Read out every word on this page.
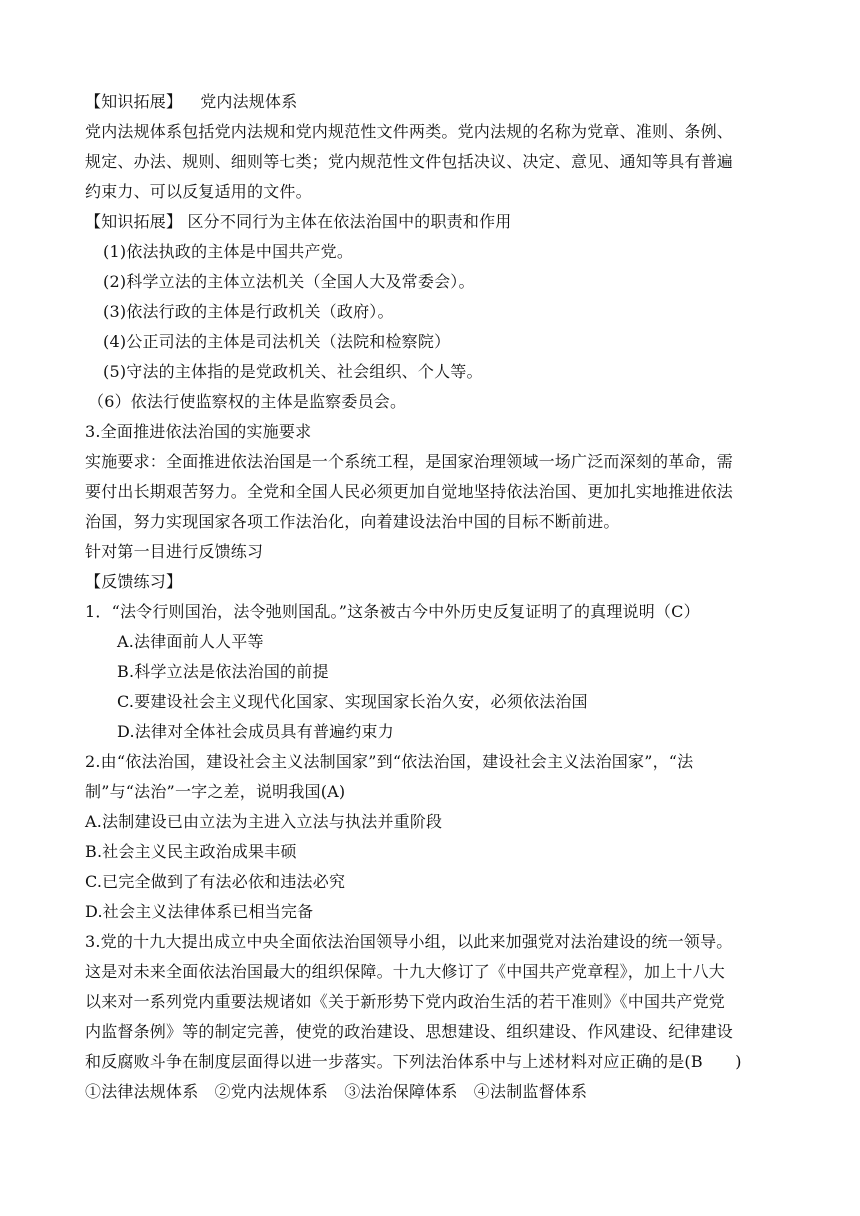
【知识拓展】 党内法规体系
党内法规体系包括党内法规和党内规范性文件两类。党内法规的名称为党章、准则、条例、
规定、办法、规则、细则等七类；党内规范性文件包括决议、决定、意见、通知等具有普遍
约束力、可以反复适用的文件。
【知识拓展】 区分不同行为主体在依法治国中的职责和作用
(1)依法执政的主体是中国共产党。
(2)科学立法的主体立法机关（全国人大及常委会）。
(3)依法行政的主体是行政机关（政府）。
(4)公正司法的主体是司法机关（法院和检察院）
(5)守法的主体指的是党政机关、社会组织、个人等。
（6）依法行使监察权的主体是监察委员会。
3.全面推进依法治国的实施要求
实施要求：全面推进依法治国是一个系统工程，是国家治理领域一场广泛而深刻的革命，需
要付出长期艰苦努力。全党和全国人民必须更加自觉地坚持依法治国、更加扎实地推进依法
治国，努力实现国家各项工作法治化，向着建设法治中国的目标不断前进。
针对第一目进行反馈练习
【反馈练习】
1．“法令行则国治，法令弛则国乱。”这条被古今中外历史反复证明了的真理说明（C）
A.法律面前人人平等
B.科学立法是依法治国的前提
C.要建设社会主义现代化国家、实现国家长治久安，必须依法治国
D.法律对全体社会成员具有普遍约束力
2.由“依法治国，建设社会主义法制国家”到“依法治国，建设社会主义法治国家”，“法
制”与“法治”一字之差，说明我国(A)
A.法制建设已由立法为主进入立法与执法并重阶段
B.社会主义民主政治成果丰硕
C.已完全做到了有法必依和违法必究
D.社会主义法律体系已相当完备
3.党的十九大提出成立中央全面依法治国领导小组，以此来加强党对法治建设的统一领导。
这是对未来全面依法治国最大的组织保障。十九大修订了《中国共产党章程》，加上十八大
以来对一系列党内重要法规诸如《关于新形势下党内政治生活的若干准则》《中国共产党党
内监督条例》等的制定完善，使党的政治建设、思想建设、组织建设、作风建设、纪律建设
和反腐败斗争在制度层面得以进一步落实。下列法治体系中与上述材料对应正确的是(B　　)
①法律法规体系　②党内法规体系　③法治保障体系　④法制监督体系
